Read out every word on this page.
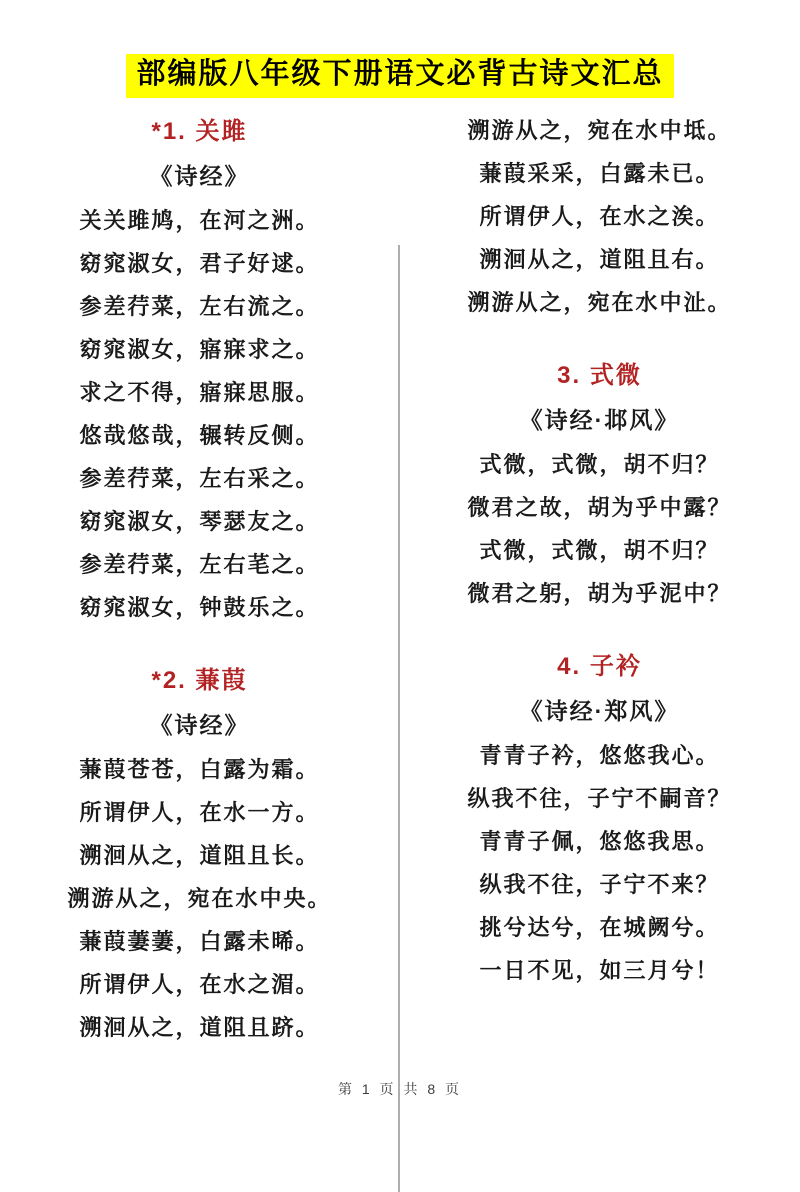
部编版八年级下册语文必背古诗文汇总
*1. 关雎
《诗经》

关关雎鸠，在河之洲。

窈窕淑女，君子好逑。

参差荇菜，左右流之。

窈窕淑女，寤寐求之。

求之不得，寤寐思服。

悠哉悠哉，辗转反侧。

参差荇菜，左右采之。

窈窕淑女，琴瑟友之。

参差荇菜，左右芼之。

窈窕淑女，钟鼓乐之。

*2. 蒹葭
《诗经》

蒹葭苍苍，白露为霜。

所谓伊人，在水一方。

溯洄从之，道阻且长。

溯游从之，宛在水中央。

蒹葭萋萋，白露未晞。

所谓伊人，在水之湄。

溯洄从之，道阻且跻。

溯游从之，宛在水中坻。

蒹葭采采，白露未已。

所谓伊人，在水之涘。

溯洄从之，道阻且右。

溯游从之，宛在水中沚。

3. 式微
《诗经·邶风》

式微，式微，胡不归？

微君之故，胡为乎中露？

式微，式微，胡不归？

微君之躬，胡为乎泥中？

4. 子衿
《诗经·郑风》

青青子衿，悠悠我心。

纵我不往，子宁不嗣音？

青青子佩，悠悠我思。

纵我不往，子宁不来？

挑兮达兮，在城阙兮。

一日不见，如三月兮！

第 1 页 共 8 页
